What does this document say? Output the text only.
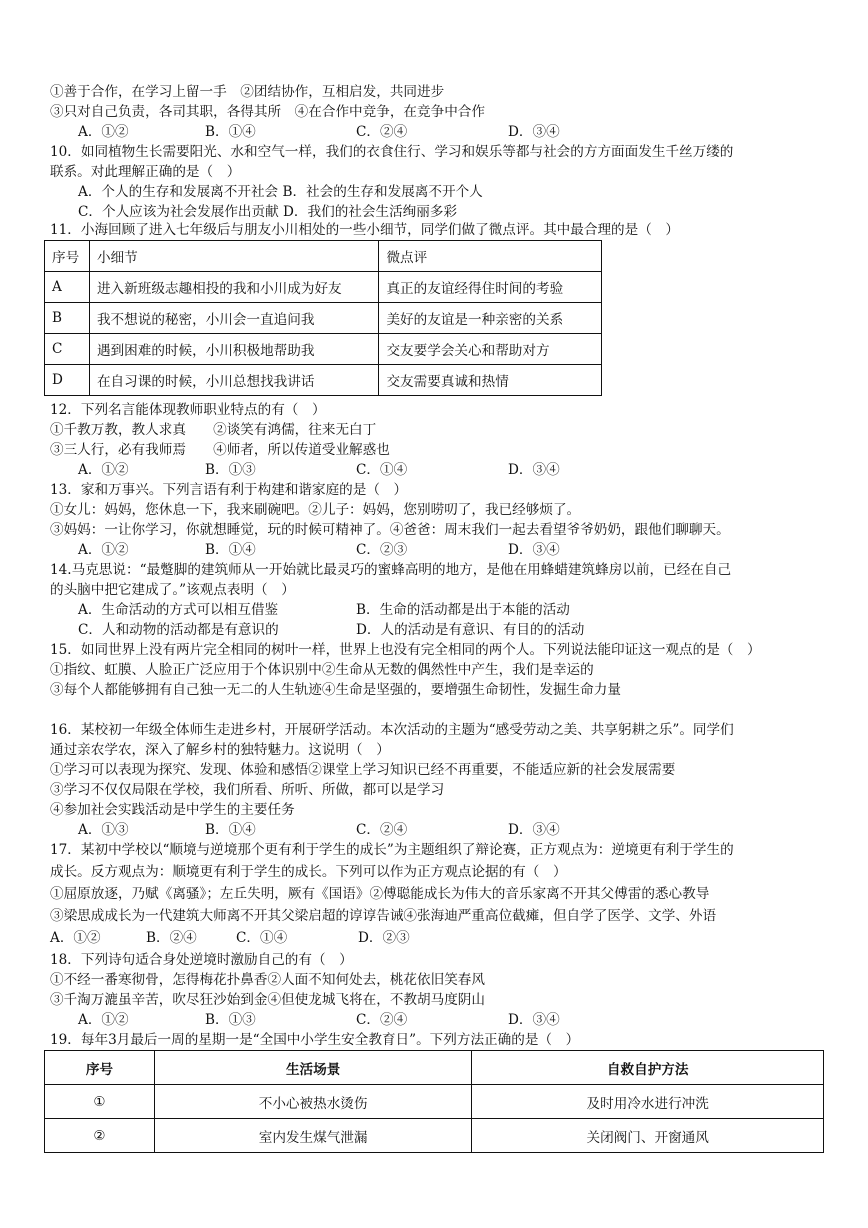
①善于合作，在学习上留一手　②团结协作，互相启发，共同进步
③只对自己负责，各司其职，各得其所　④在合作中竞争，在竞争中合作
A．①②	B．①④	C．②④	D．③④
10．如同植物生长需要阳光、水和空气一样，我们的衣食住行、学习和娱乐等都与社会的方方面面发生千丝万缕的
联系。对此理解正确的是（　）
A．个人的生存和发展离不开社会 B．社会的生存和发展离不开个人
C．个人应该为社会发展作出贡献 D．我们的社会生活绚丽多彩
11．小海回顾了进入七年级后与朋友小川相处的一些小细节，同学们做了微点评。其中最合理的是（　）
序号	小细节	微点评
A	进入新班级志趣相投的我和小川成为好友	真正的友谊经得住时间的考验
B	我不想说的秘密，小川会一直追问我	美好的友谊是一种亲密的关系
C	遇到困难的时候，小川积极地帮助我	交友要学会关心和帮助对方
D	在自习课的时候，小川总想找我讲话	交友需要真诚和热情
12．下列名言能体现教师职业特点的有（　）
①千教万教，教人求真　　②谈笑有鸿儒，往来无白丁
③三人行，必有我师焉　　④师者，所以传道受业解惑也
A．①②	B．①③	C．①④	D．③④
13．家和万事兴。下列言语有利于构建和谐家庭的是（　）
①女儿：妈妈，您休息一下，我来刷碗吧。②儿子：妈妈，您别唠叨了，我已经够烦了。
③妈妈：一让你学习，你就想睡觉，玩的时候可精神了。④爸爸：周末我们一起去看望爷爷奶奶，跟他们聊聊天。
A．①②	B．①④	C．②③	D．③④
14.马克思说：“最蹩脚的建筑师从一开始就比最灵巧的蜜蜂高明的地方，是他在用蜂蜡建筑蜂房以前，已经在自己
的头脑中把它建成了。”该观点表明（　）
A．生命活动的方式可以相互借鉴	B．生命的活动都是出于本能的活动
C．人和动物的活动都是有意识的	D．人的活动是有意识、有目的的活动
15．如同世界上没有两片完全相同的树叶一样，世界上也没有完全相同的两个人。下列说法能印证这一观点的是（　）
①指纹、虹膜、人脸正广泛应用于个体识别中②生命从无数的偶然性中产生，我们是幸运的
③每个人都能够拥有自己独一无二的人生轨迹④生命是坚强的，要增强生命韧性，发掘生命力量
16．某校初一年级全体师生走进乡村，开展研学活动。本次活动的主题为“感受劳动之美、共享躬耕之乐”。同学们
通过亲农学农，深入了解乡村的独特魅力。这说明（　）
①学习可以表现为探究、发现、体验和感悟②课堂上学习知识已经不再重要，不能适应新的社会发展需要
③学习不仅仅局限在学校，我们所看、所听、所做，都可以是学习
④参加社会实践活动是中学生的主要任务
A．①③	B．①④	C．②④	D．③④
17．某初中学校以“顺境与逆境那个更有利于学生的成长”为主题组织了辩论赛，正方观点为：逆境更有利于学生的
成长。反方观点为：顺境更有利于学生的成长。下列可以作为正方观点论据的有（　）
①屈原放逐，乃赋《离骚》；左丘失明，厥有《国语》②傅聪能成长为伟大的音乐家离不开其父傅雷的悉心教导
③梁思成成长为一代建筑大师离不开其父梁启超的谆谆告诫④张海迪严重高位截瘫，但自学了医学、文学、外语
A．①②	B．②④	C．①④	D．②③
18．下列诗句适合身处逆境时激励自己的有（　）
①不经一番寒彻骨，怎得梅花扑鼻香②人面不知何处去，桃花依旧笑春风
③千淘万漉虽辛苦，吹尽狂沙始到金④但使龙城飞将在，不教胡马度阴山
A．①②	B．①③	C．②④	D．③④
19．每年3月最后一周的星期一是“全国中小学生安全教育日”。下列方法正确的是（　）
序号	生活场景	自救自护方法
①	不小心被热水烫伤	及时用冷水进行冲洗
②	室内发生煤气泄漏	关闭阀门、开窗通风
